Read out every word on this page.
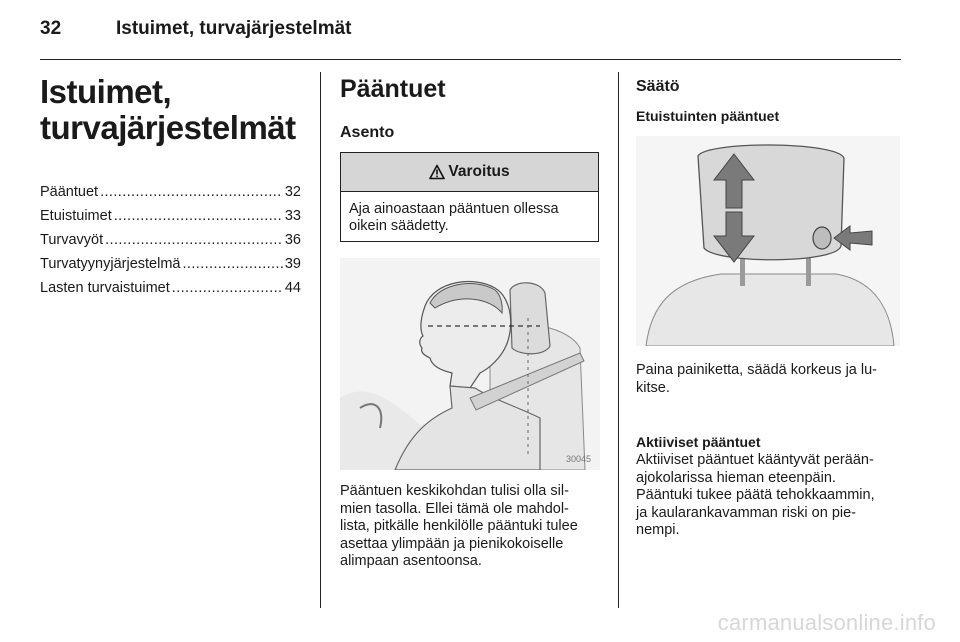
32	Istuimet, turvajärjestelmät
Istuimet,
turvajärjestelmät
Pääntuet .....	32
Etuistuimet .....	33
Turvavyöt .....	36
Turvatyynyjärjestelmä .....	39
Lasten turvaistuimet .....	44
Pääntuet
Asento
Varoitus
Aja ainoastaan pääntuen ollessa
oikein säädetty.
30045
Pääntuen keskikohdan tulisi olla sil-
mien tasolla. Ellei tämä ole mahdol-
lista, pitkälle henkilölle pääntuki tulee
asettaa ylimpään ja pienikokoiselle
alimpaan asentoonsa.
Säätö
Etuistuinten pääntuet
Paina painiketta, säädä korkeus ja lu-
kitse.
Aktiiviset pääntuet
Aktiiviset pääntuet kääntyvät perään-
ajokolarissa hieman eteenpäin.
Pääntuki tukee päätä tehokkaammin,
ja kaularankavamman riski on pie-
nempi.
carmanualsonline.info
